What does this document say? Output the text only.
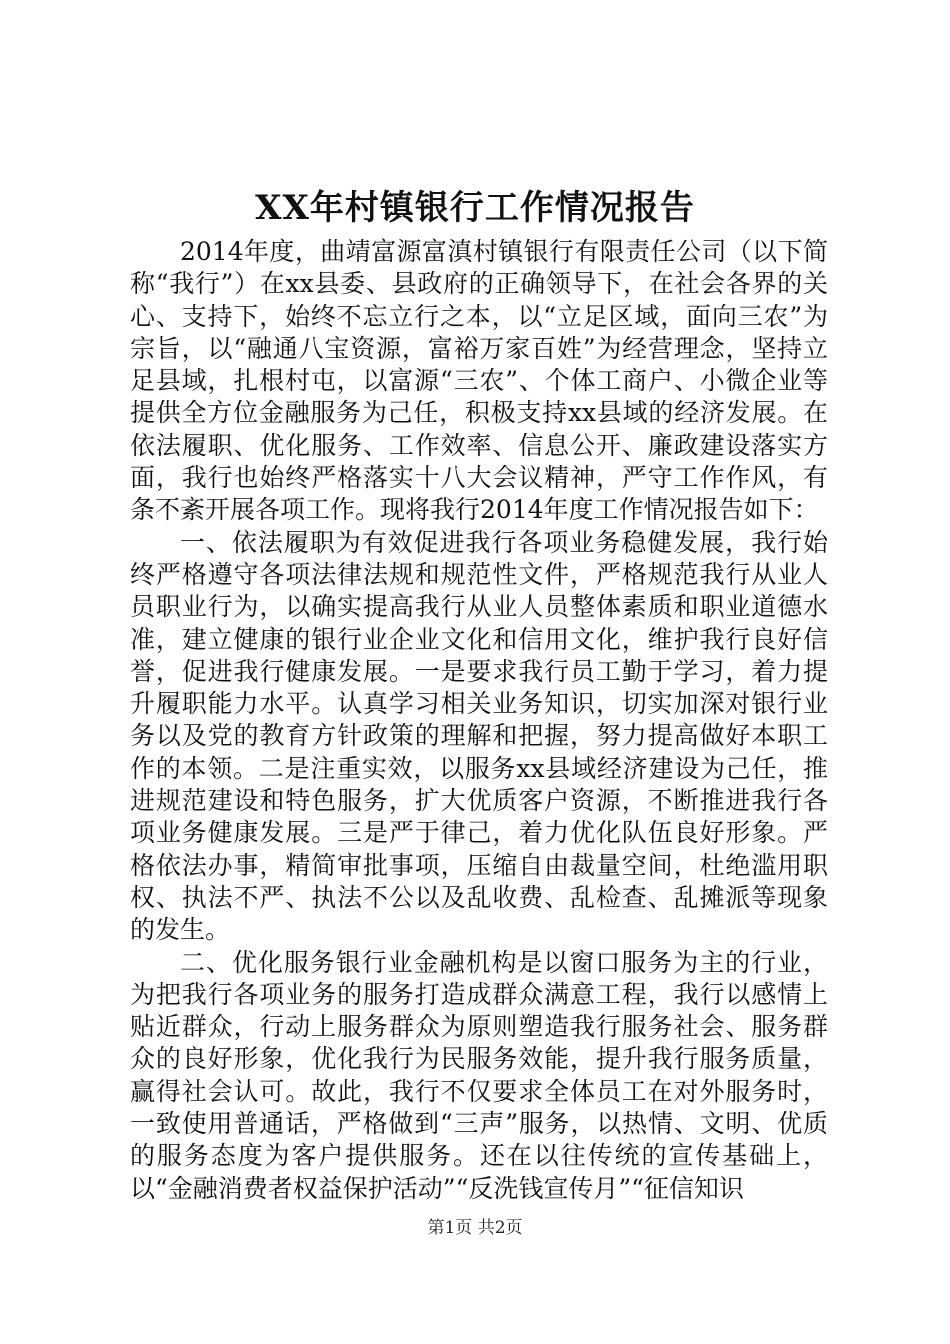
XX年村镇银行工作情况报告

2014年度，曲靖富源富滇村镇银行有限责任公司（以下简称“我行”）在xx县委、县政府的正确领导下，在社会各界的关心、支持下，始终不忘立行之本，以“立足区域，面向三农”为宗旨，以“融通八宝资源，富裕万家百姓”为经营理念，坚持立足县域，扎根村屯，以富源“三农”、个体工商户、小微企业等提供全方位金融服务为己任，积极支持xx县域的经济发展。在依法履职、优化服务、工作效率、信息公开、廉政建设落实方面，我行也始终严格落实十八大会议精神，严守工作作风，有条不紊开展各项工作。现将我行2014年度工作情况报告如下：

一、依法履职为有效促进我行各项业务稳健发展，我行始终严格遵守各项法律法规和规范性文件，严格规范我行从业人员职业行为，以确实提高我行从业人员整体素质和职业道德水准，建立健康的银行业企业文化和信用文化，维护我行良好信誉，促进我行健康发展。一是要求我行员工勤于学习，着力提升履职能力水平。认真学习相关业务知识，切实加深对银行业务以及党的教育方针政策的理解和把握，努力提高做好本职工作的本领。二是注重实效，以服务xx县域经济建设为己任，推进规范建设和特色服务，扩大优质客户资源，不断推进我行各项业务健康发展。三是严于律己，着力优化队伍良好形象。严格依法办事，精简审批事项，压缩自由裁量空间，杜绝滥用职权、执法不严、执法不公以及乱收费、乱检查、乱摊派等现象的发生。

二、优化服务银行业金融机构是以窗口服务为主的行业，为把我行各项业务的服务打造成群众满意工程，我行以感情上贴近群众，行动上服务群众为原则塑造我行服务社会、服务群众的良好形象，优化我行为民服务效能，提升我行服务质量，赢得社会认可。故此，我行不仅要求全体员工在对外服务时，一致使用普通话，严格做到“三声”服务，以热情、文明、优质的服务态度为客户提供服务。还在以往传统的宣传基础上，以“金融消费者权益保护活动”“反洗钱宣传月”“征信知识

第1页 共2页
